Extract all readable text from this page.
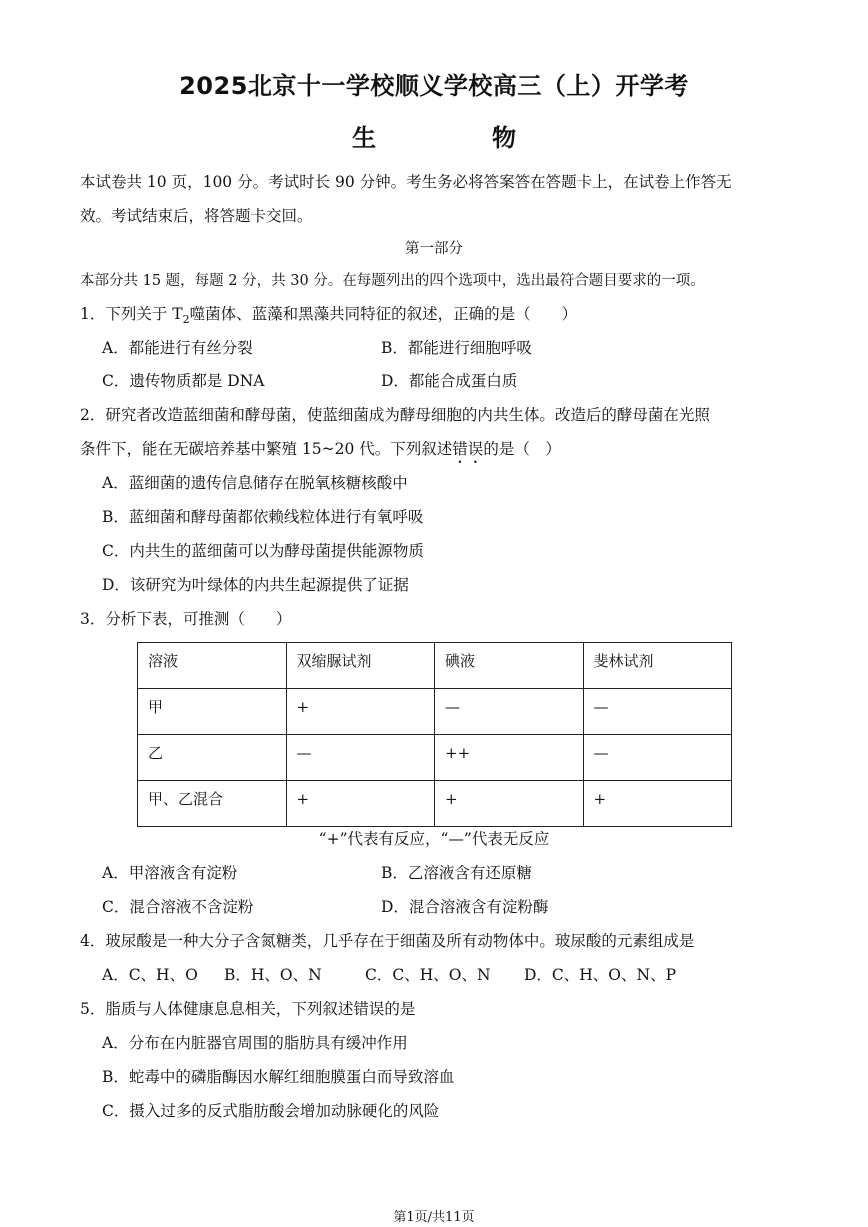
2025北京十一学校顺义学校高三（上）开学考
生　物
本试卷共 10 页，100 分。考试时长 90 分钟。考生务必将答案答在答题卡上，在试卷上作答无
效。考试结束后，将答题卡交回。
第一部分
本部分共 15 题，每题 2 分，共 30 分。在每题列出的四个选项中，选出最符合题目要求的一项。
1．下列关于 $T_2$噬菌体、蓝藻和黑藻共同特征的叙述，正确的是（　　）
A．都能进行有丝分裂	B．都能进行细胞呼吸
C．遗传物质都是 DNA	D．都能合成蛋白质
2．研究者改造蓝细菌和酵母菌，使蓝细菌成为酵母细胞的内共生体。改造后的酵母菌在光照
条件下，能在无碳培养基中繁殖 15~20 代。下列叙述错误的是（　）
A．蓝细菌的遗传信息储存在脱氧核糖核酸中
B．蓝细菌和酵母菌都依赖线粒体进行有氧呼吸
C．内共生的蓝细菌可以为酵母菌提供能源物质
D．该研究为叶绿体的内共生起源提供了证据
3．分析下表，可推测（　　）
溶液	双缩脲试剂	碘液	斐林试剂
甲	+	—	—
乙	—	++	—
甲、乙混合	+	+	+
“+”代表有反应，“—”代表无反应
A．甲溶液含有淀粉	B．乙溶液含有还原糖
C．混合溶液不含淀粉	D．混合溶液含有淀粉酶
4．玻尿酸是一种大分子含氮糖类，几乎存在于细菌及所有动物体中。玻尿酸的元素组成是
A．C、H、O B．H、O、N	C．C、H、O、N D．C、H、O、N、P
5．脂质与人体健康息息相关，下列叙述错误的是
A．分布在内脏器官周围的脂肪具有缓冲作用
B．蛇毒中的磷脂酶因水解红细胞膜蛋白而导致溶血
C．摄入过多的反式脂肪酸会增加动脉硬化的风险
第1页/共11页
